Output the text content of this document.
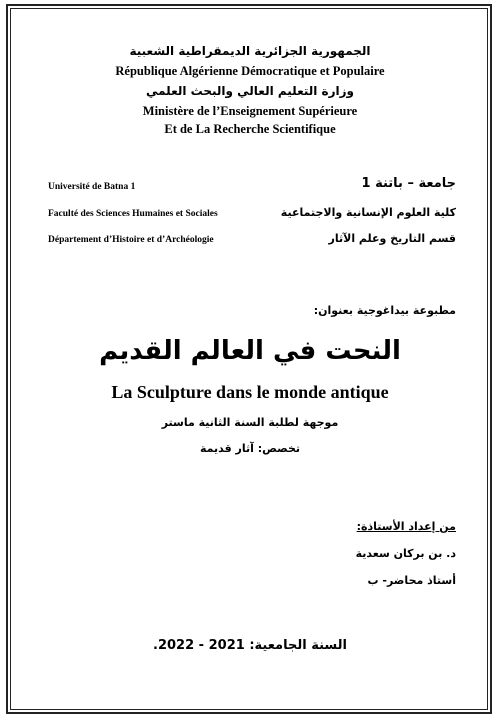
الجمهورية الجزائرية الديمقراطية الشعبية
République Algérienne Démocratique et Populaire
وزارة التعليم العالي والبحث العلمي
Ministère de l’Enseignement Supérieure
Et de La Recherche Scientifique
Université de Batna 1	جامعة – باتنة 1
Faculté des Sciences Humaines et Sociales	كلية العلوم الإنسانية والاجتماعية
Département d’Histoire et d’Archéologie	قسم التاريخ وعلم الآثار
مطبوعة بيداغوجية بعنوان:
النحت في العالم القديم
La Sculpture dans le monde antique
موجهة لطلبة السنة الثانية ماستر
تخصص: آثار قديمة
من إعداد الأستاذة:
د. بن بركان سعدية
أستاذ محاضر- ب
السنة الجامعية: 2021 - 2022.
